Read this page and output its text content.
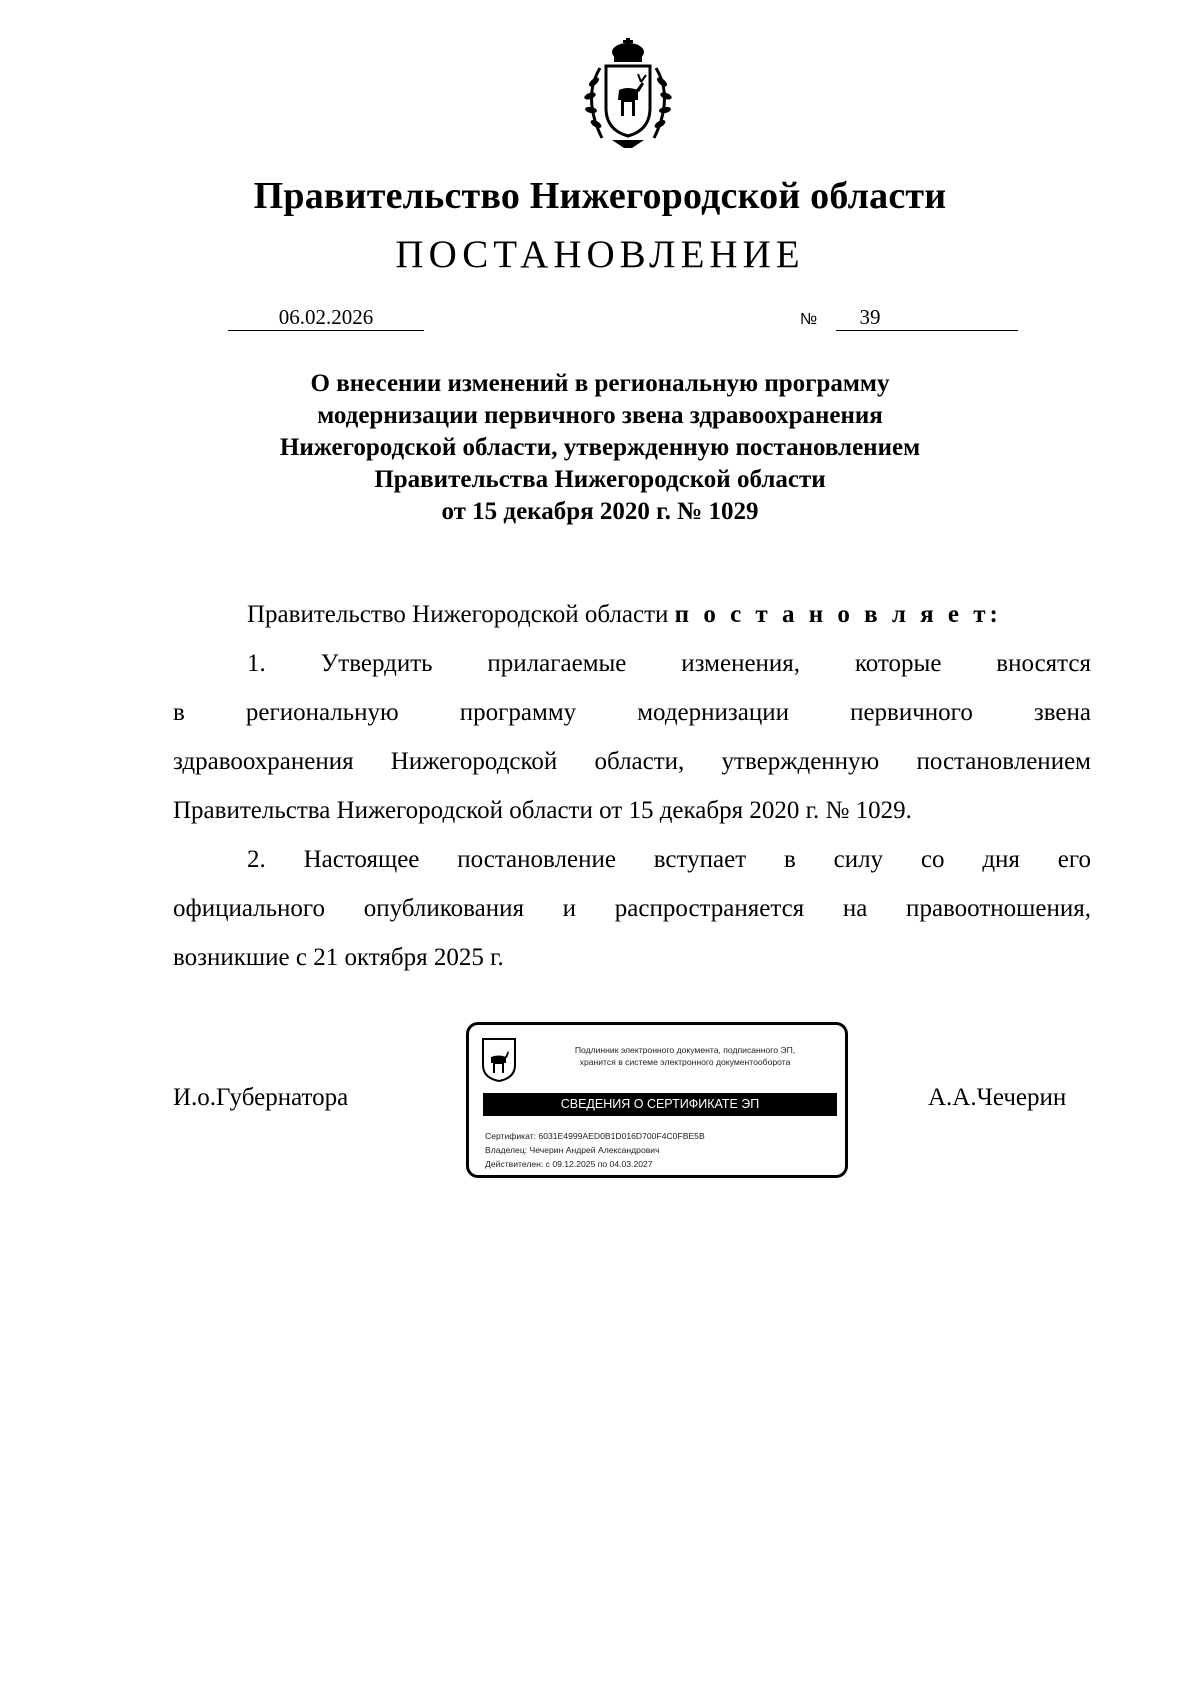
Правительство Нижегородской области
ПОСТАНОВЛЕНИЕ
06.02.2026	№	39
О внесении изменений в региональную программу
модернизации первичного звена здравоохранения
Нижегородской области, утвержденную постановлением
Правительства Нижегородской области
от 15 декабря 2020 г. № 1029
Правительство Нижегородской области п о с т а н о в л я е т:
1. Утвердить прилагаемые изменения, которые вносятся
в региональную программу модернизации первичного звена
здравоохранения Нижегородской области, утвержденную постановлением
Правительства Нижегородской области от 15 декабря 2020 г. № 1029.
2. Настоящее постановление вступает в силу со дня его
официального опубликования и распространяется на правоотношения,
возникшие с 21 октября 2025 г.
И.о.Губернатора	А.А.Чечерин
Подлинник электронного документа, подписанного ЭП,
хранится в системе электронного документооборота
СВЕДЕНИЯ О СЕРТИФИКАТЕ ЭП
Сертификат: 6031E4999AED0B1D016D700F4C0FBE5B
Владелец: Чечерин Андрей Александрович
Действителен: с 09.12.2025 по 04.03.2027
